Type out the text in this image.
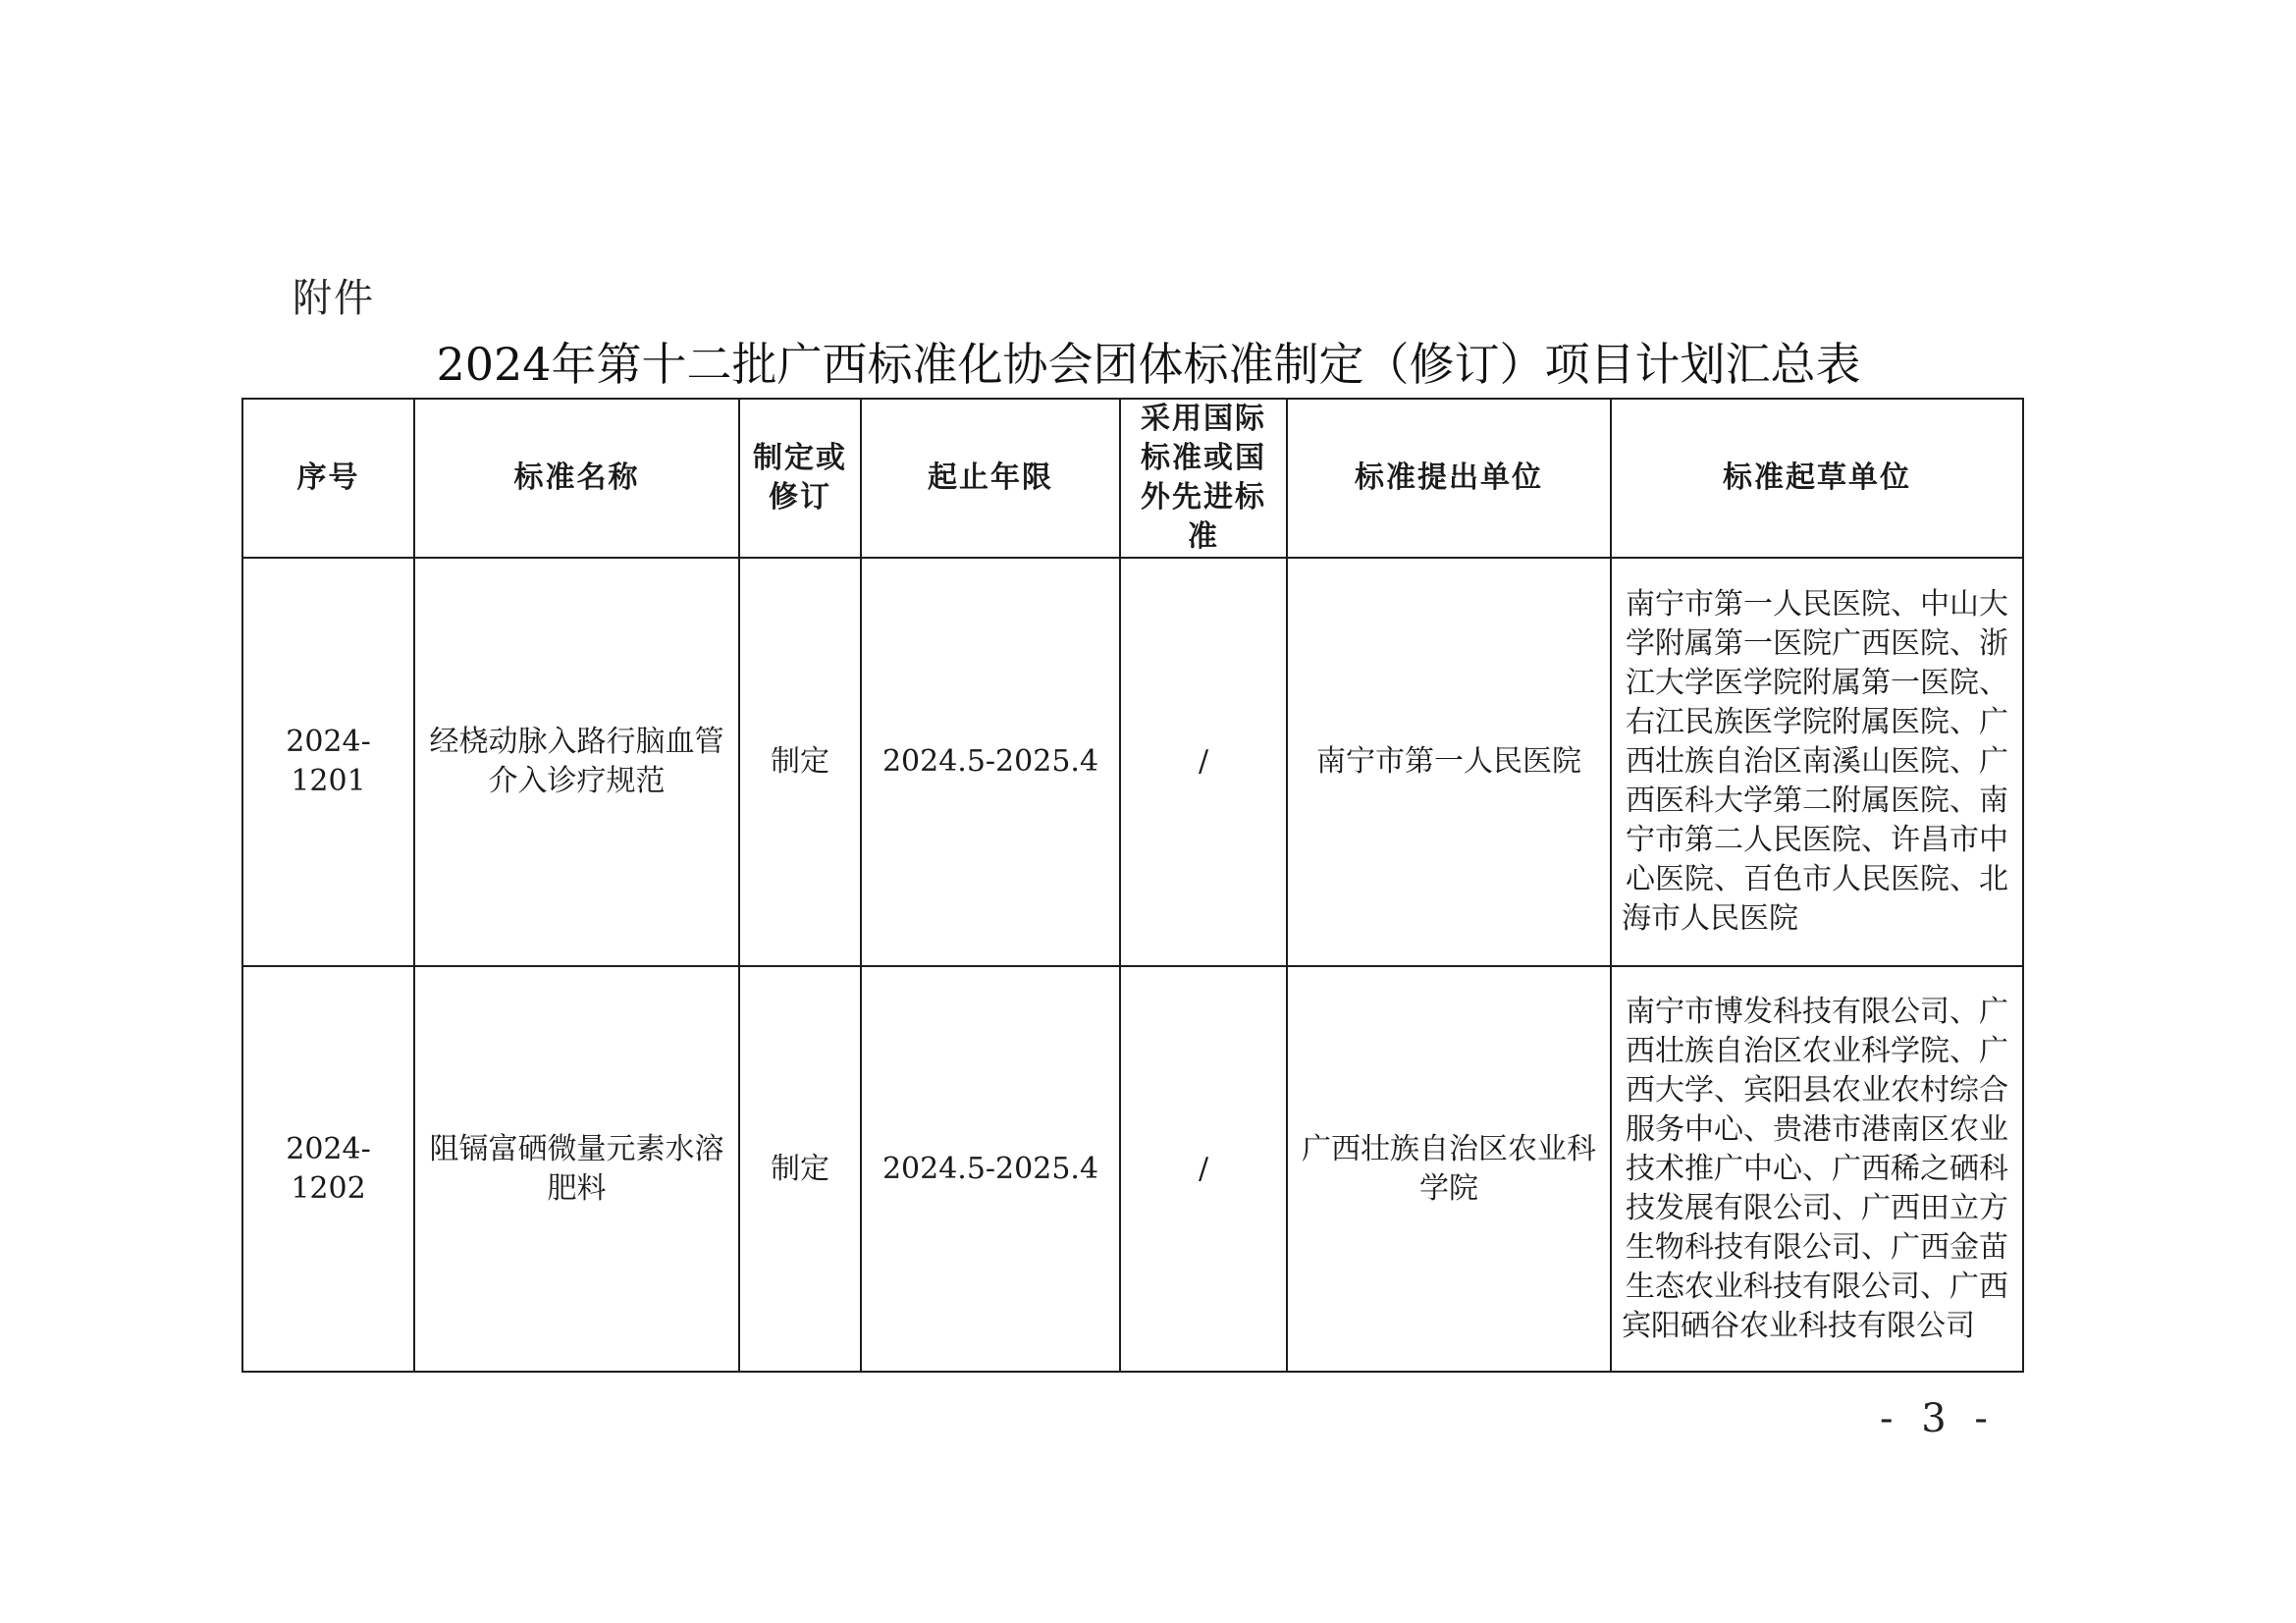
附件
2024年第十二批广西标准化协会团体标准制定（修订）项目计划汇总表
序号	标准名称	制定或修订	起止年限	采用国际标准或国外先进标准	标准提出单位	标准起草单位
2024-1201	经桡动脉入路行脑血管介入诊疗规范	制定	2024.5-2025.4	/	南宁市第一人民医院	南宁市第一人民医院、中山大学附属第一医院广西医院、浙江大学医学院附属第一医院、右江民族医学院附属医院、广西壮族自治区南溪山医院、广西医科大学第二附属医院、南宁市第二人民医院、许昌市中心医院、百色市人民医院、北海市人民医院
2024-1202	阻镉富硒微量元素水溶肥料	制定	2024.5-2025.4	/	广西壮族自治区农业科学院	南宁市博发科技有限公司、广西壮族自治区农业科学院、广西大学、宾阳县农业农村综合服务中心、贵港市港南区农业技术推广中心、广西稀之硒科技发展有限公司、广西田立方生物科技有限公司、广西金苗生态农业科技有限公司、广西宾阳硒谷农业科技有限公司
- 3 -
